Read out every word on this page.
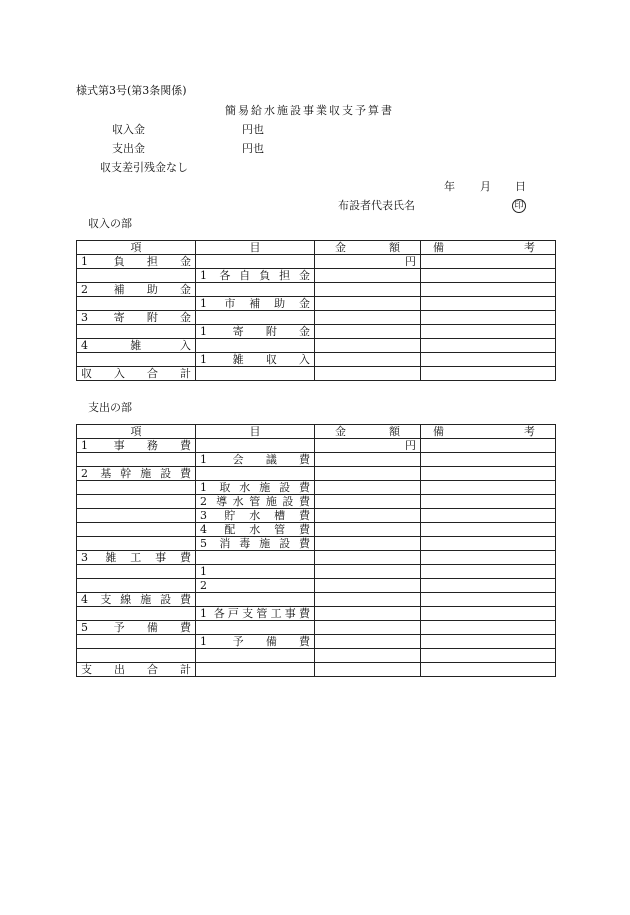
様式第3号(第3条関係)
簡易給水施設事業収支予算書
収入金	円也
支出金	円也
収支差引残金なし
年 月 日
布設者代表氏名	印
収入の部
項	目	金 額	備 考

1 負担金		円	
	1 各自負担金		
2 補助金			
	1 市補助金		
3 寄附金			
	1 寄附金		
4 雑入			
	1 雑収入		
収入合計			
支出の部
項	目	金 額	備 考

1 事務費		円	
	1 会議費		
2 基幹施設費			
	1 取水施設費		
	2 導水管施設費		
	3 貯水槽費		
	4 配水管費		
	5 消毒施設費		
3 雑工事費			
	1		
	2		
4 支線施設費			
	1 各戸支管工事費		
5 予備費			
	1 予備費		

支出合計			
